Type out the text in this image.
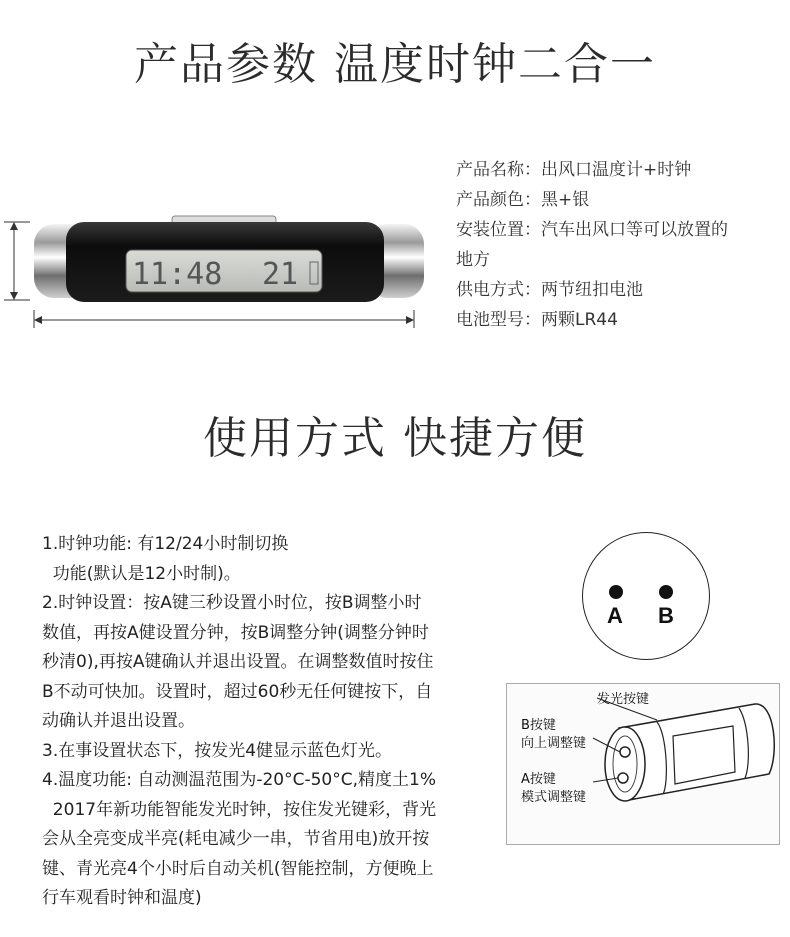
产品参数 温度时钟二合一
11:48 21
产品名称：出风口温度计+时钟
产品颜色：黑+银
安装位置：汽车出风口等可以放置的
地方
供电方式：两节纽扣电池
电池型号：两颗LR44
使用方式 快捷方便
1.时钟功能: 有12/24小时制切换
功能(默认是12小时制)。
2.时钟设置：按A键三秒设置小时位，按B调整小时
数值，再按A健设置分钟，按B调整分钟(调整分钟时
秒清0),再按A键确认并退出设置。在调整数值时按住
B不动可快加。设置时，超过60秒无任何键按下，自
动确认并退出设置。
3.在事设置状态下，按发光4健显示蓝色灯光。
4.温度功能: 自动测温范围为-20°C-50°C,精度土1%
2017年新功能智能发光时钟，按住发光键彩，背光
会从全亮变成半亮(耗电减少一串，节省用电)放开按
键、青光亮4个小时后自动关机(智能控制，方便晚上
行车观看时钟和温度)
A B
发光按键
B按键
向上调整键
A按键
模式调整键
